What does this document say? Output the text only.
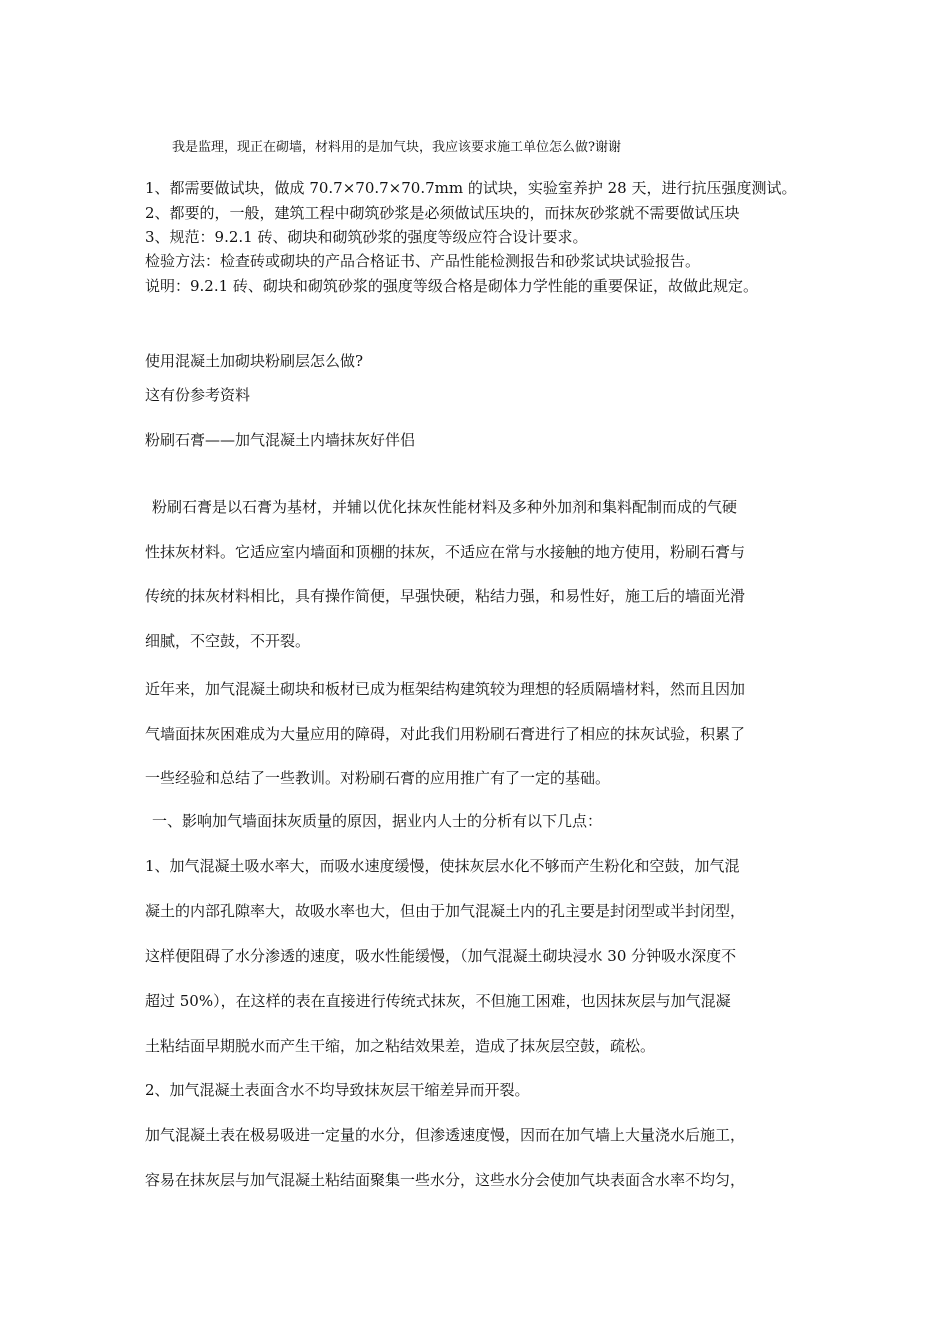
我是监理，现正在砌墙，材料用的是加气块，我应该要求施工单位怎么做?谢谢

1、都需要做试块，做成 70.7×70.7×70.7mm 的试块，实验室养护 28 天，进行抗压强度测试。

2、都要的，一般，建筑工程中砌筑砂浆是必须做试压块的，而抹灰砂浆就不需要做试压块

3、规范：9.2.1 砖、砌块和砌筑砂浆的强度等级应符合设计要求。

检验方法：检查砖或砌块的产品合格证书、产品性能检测报告和砂浆试块试验报告。

说明：9.2.1 砖、砌块和砌筑砂浆的强度等级合格是砌体力学性能的重要保证，故做此规定。

使用混凝土加砌块粉刷层怎么做?

这有份参考资料

粉刷石膏——加气混凝土内墙抹灰好伴侣

粉刷石膏是以石膏为基材，并辅以优化抹灰性能材料及多种外加剂和集料配制而成的气硬

性抹灰材料。它适应室内墙面和顶棚的抹灰，不适应在常与水接触的地方使用，粉刷石膏与

传统的抹灰材料相比，具有操作简便，早强快硬，粘结力强，和易性好，施工后的墙面光滑

细腻，不空鼓，不开裂。

近年来，加气混凝土砌块和板材已成为框架结构建筑较为理想的轻质隔墙材料，然而且因加

气墙面抹灰困难成为大量应用的障碍，对此我们用粉刷石膏进行了相应的抹灰试验，积累了

一些经验和总结了一些教训。对粉刷石膏的应用推广有了一定的基础。

一、影响加气墙面抹灰质量的原因，据业内人士的分析有以下几点：

1、加气混凝土吸水率大，而吸水速度缓慢，使抹灰层水化不够而产生粉化和空鼓，加气混

凝土的内部孔隙率大，故吸水率也大，但由于加气混凝土内的孔主要是封闭型或半封闭型，

这样便阻碍了水分渗透的速度，吸水性能缓慢，（加气混凝土砌块浸水 30 分钟吸水深度不

超过 50%），在这样的表在直接进行传统式抹灰，不但施工困难，也因抹灰层与加气混凝

土粘结面早期脱水而产生干缩，加之粘结效果差，造成了抹灰层空鼓，疏松。

2、加气混凝土表面含水不均导致抹灰层干缩差异而开裂。

加气混凝土表在极易吸进一定量的水分，但渗透速度慢，因而在加气墙上大量浇水后施工，

容易在抹灰层与加气混凝土粘结面聚集一些水分，这些水分会使加气块表面含水率不均匀，
